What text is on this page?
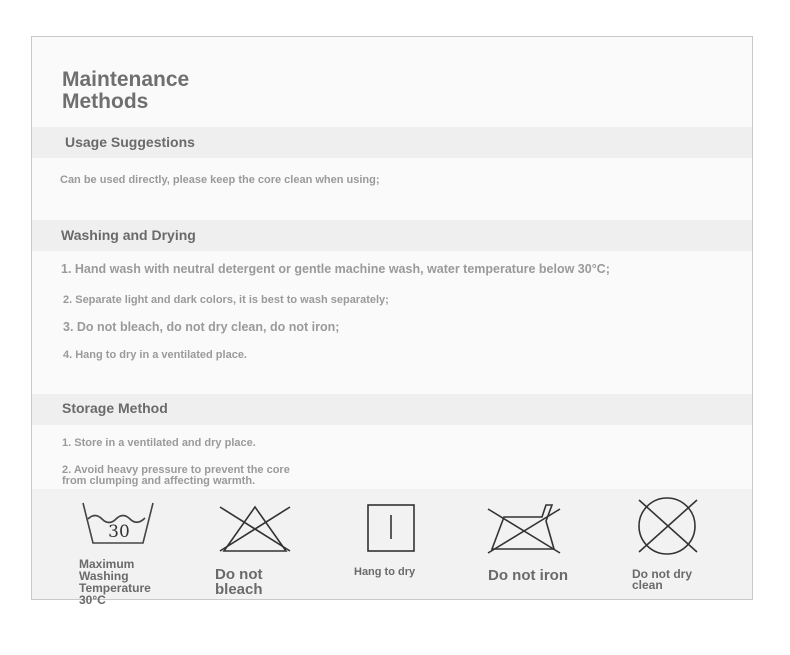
Maintenance
Methods
Usage Suggestions
Can be used directly, please keep the core clean when using;
Washing and Drying
1. Hand wash with neutral detergent or gentle machine wash, water temperature below 30°C;
2. Separate light and dark colors, it is best to wash separately;
3. Do not bleach, do not dry clean, do not iron;
4. Hang to dry in a ventilated place.
Storage Method
1. Store in a ventilated and dry place.
2. Avoid heavy pressure to prevent the core
from clumping and affecting warmth.
30
Maximum
Washing
Temperature
30°C
Do not
bleach
Hang to dry	Do not iron	Do not dry
clean
